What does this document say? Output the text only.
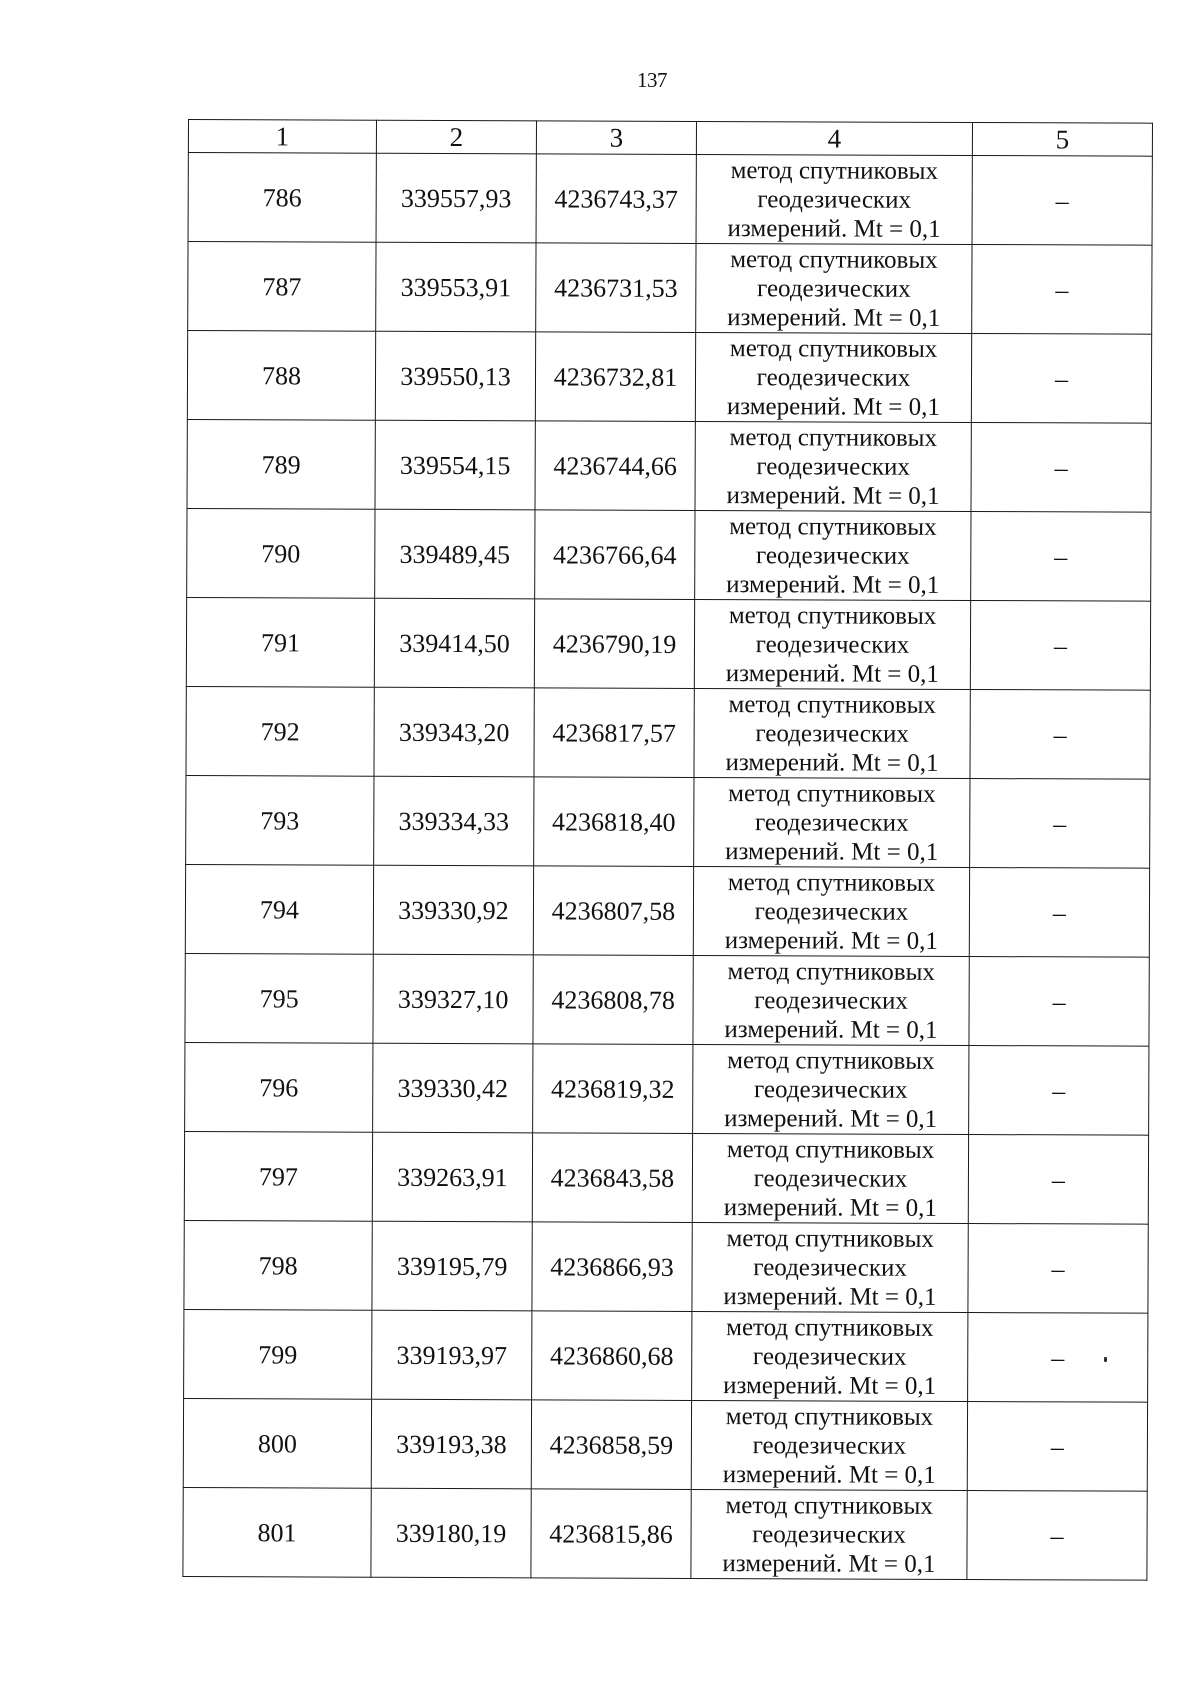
137
1	2	3	4	5
786	339557,93	4236743,37	метод спутниковых
геодезических
измерений. Mt = 0,1	–
787	339553,91	4236731,53	метод спутниковых
геодезических
измерений. Mt = 0,1	–
788	339550,13	4236732,81	метод спутниковых
геодезических
измерений. Mt = 0,1	–
789	339554,15	4236744,66	метод спутниковых
геодезических
измерений. Mt = 0,1	–
790	339489,45	4236766,64	метод спутниковых
геодезических
измерений. Mt = 0,1	–
791	339414,50	4236790,19	метод спутниковых
геодезических
измерений. Mt = 0,1	–
792	339343,20	4236817,57	метод спутниковых
геодезических
измерений. Mt = 0,1	–
793	339334,33	4236818,40	метод спутниковых
геодезических
измерений. Mt = 0,1	–
794	339330,92	4236807,58	метод спутниковых
геодезических
измерений. Mt = 0,1	–
795	339327,10	4236808,78	метод спутниковых
геодезических
измерений. Mt = 0,1	–
796	339330,42	4236819,32	метод спутниковых
геодезических
измерений. Mt = 0,1	–
797	339263,91	4236843,58	метод спутниковых
геодезических
измерений. Mt = 0,1	–
798	339195,79	4236866,93	метод спутниковых
геодезических
измерений. Mt = 0,1	–
799	339193,97	4236860,68	метод спутниковых
геодезических
измерений. Mt = 0,1	–
800	339193,38	4236858,59	метод спутниковых
геодезических
измерений. Mt = 0,1	–
801	339180,19	4236815,86	метод спутниковых
геодезических
измерений. Mt = 0,1	–
